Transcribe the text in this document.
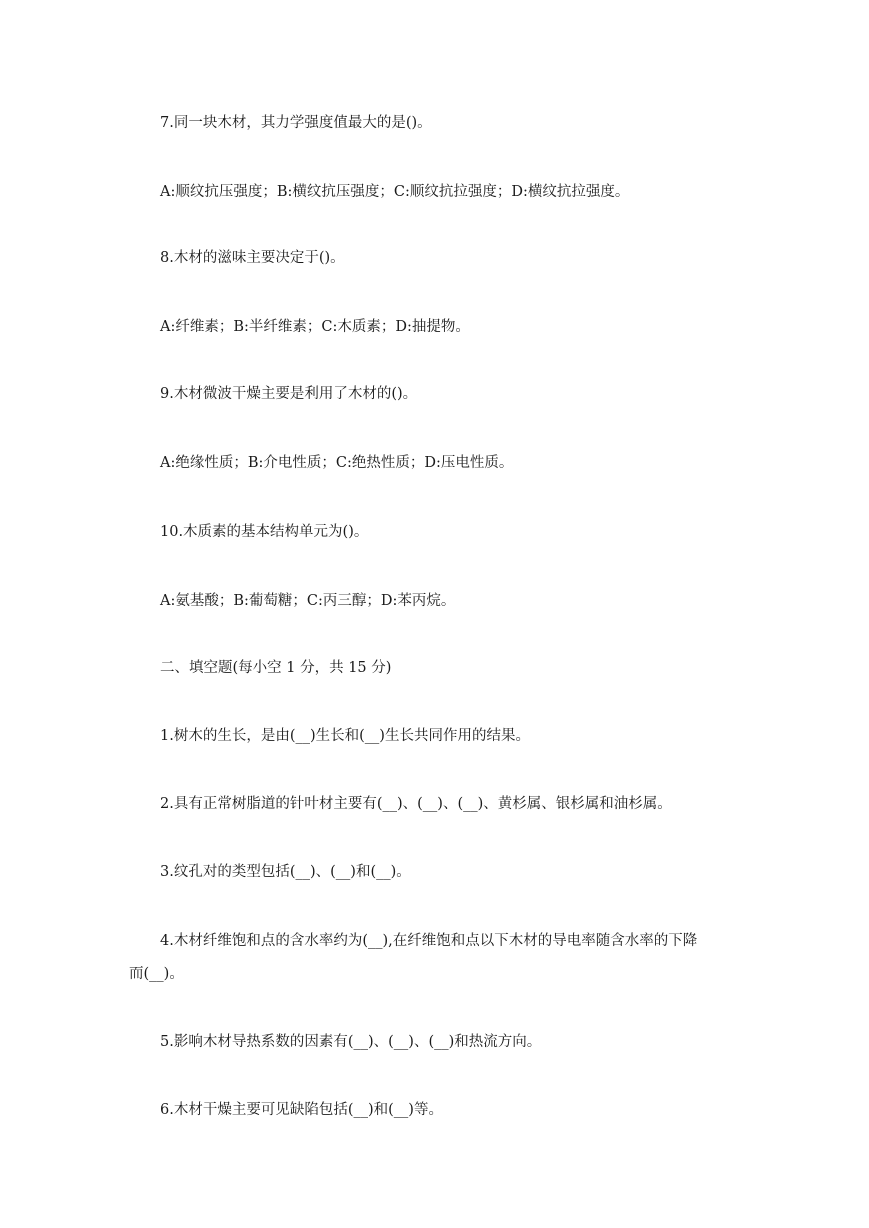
7.同一块木材，其力学强度值最大的是()。
A:顺纹抗压强度；B:横纹抗压强度；C:顺纹抗拉强度；D:横纹抗拉强度。
8.木材的滋味主要决定于()。
A:纤维素；B:半纤维素；C:木质素；D:抽提物。
9.木材微波干燥主要是利用了木材的()。
A:绝缘性质；B:介电性质；C:绝热性质；D:压电性质。
10.木质素的基本结构单元为()。
A:氨基酸；B:葡萄糖；C:丙三醇；D:苯丙烷。
二、填空题(每小空 1 分，共 15 分)
1.树木的生长，是由(__)生长和(__)生长共同作用的结果。
2.具有正常树脂道的针叶材主要有(__)、(__)、(__)、黄杉属、银杉属和油杉属。
3.纹孔对的类型包括(__)、(__)和(__)。
4.木材纤维饱和点的含水率约为(__),在纤维饱和点以下木材的导电率随含水率的下降
而(__)。
5.影响木材导热系数的因素有(__)、(__)、(__)和热流方向。
6.木材干燥主要可见缺陷包括(__)和(__)等。
